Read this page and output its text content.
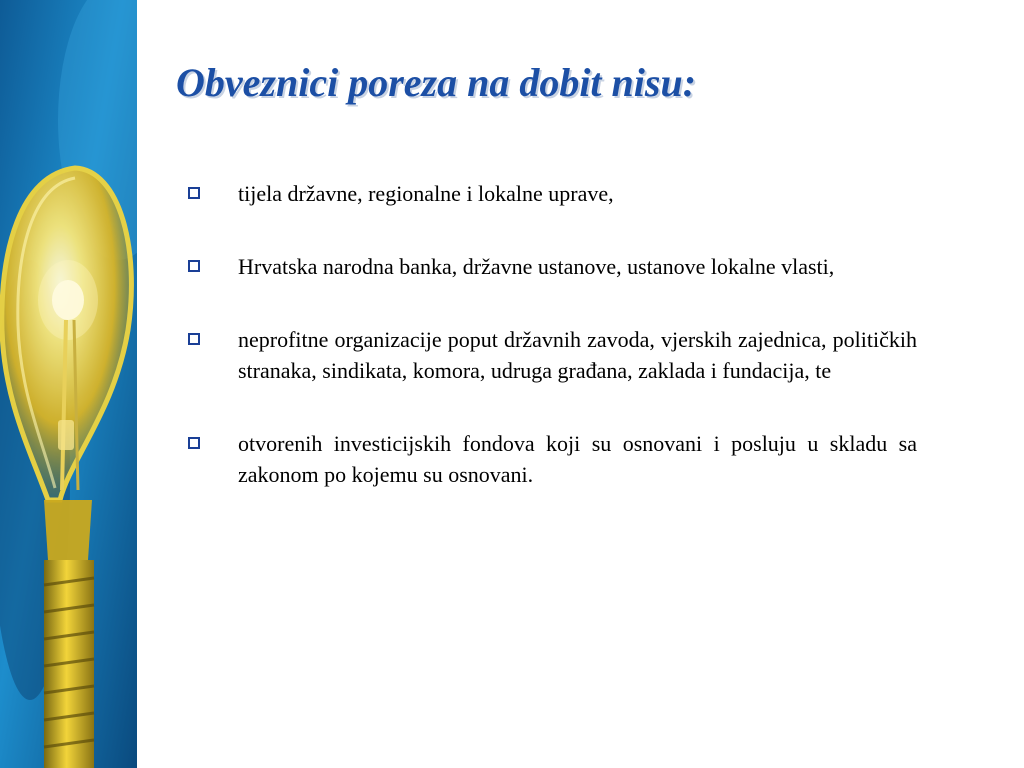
Obveznici poreza na dobit nisu:
tijela državne, regionalne i lokalne uprave,
Hrvatska narodna banka, državne ustanove, ustanove lokalne vlasti,
neprofitne organizacije poput državnih zavoda, vjerskih zajednica, političkih stranaka, sindikata, komora, udruga građana, zaklada i fundacija, te
otvorenih investicijskih fondova koji su osnovani i posluju u skladu sa zakonom po kojemu su osnovani.
